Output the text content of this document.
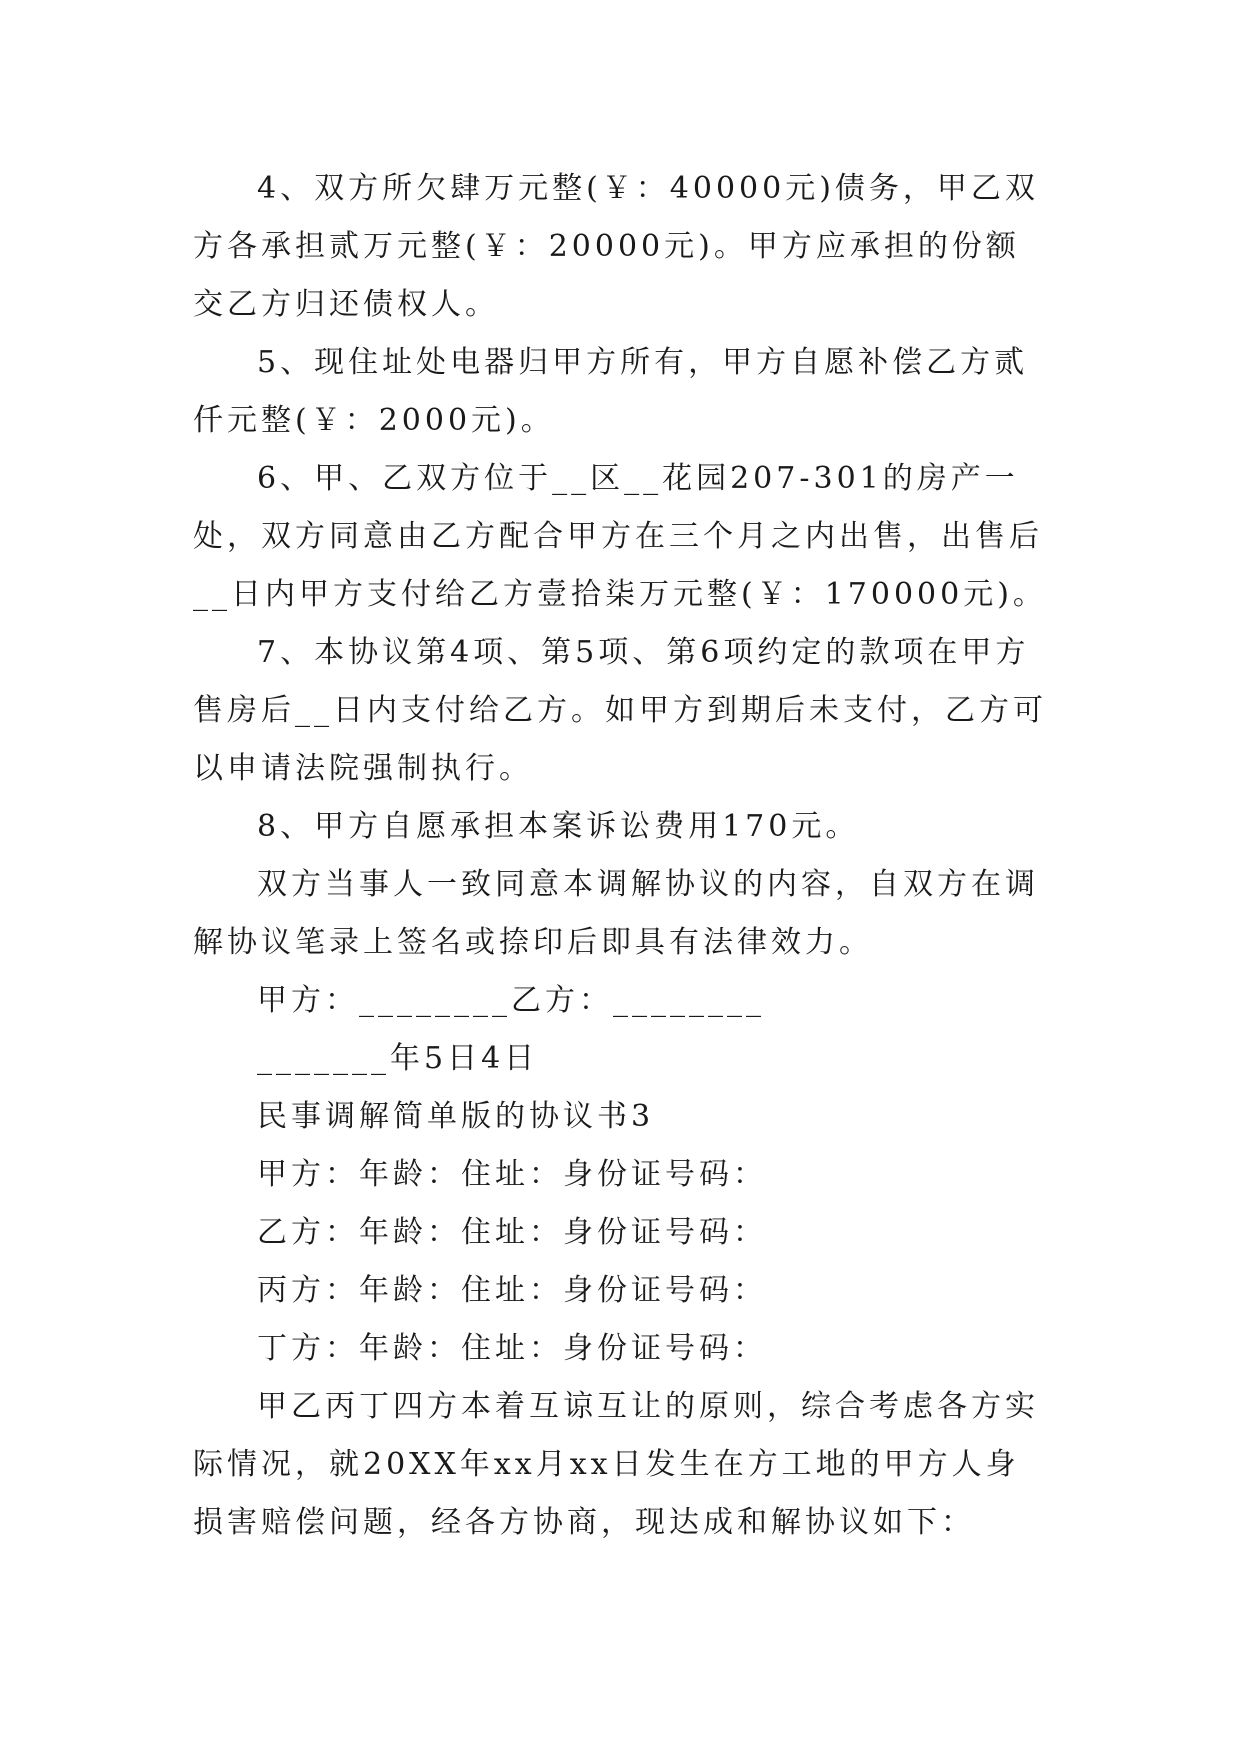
4、双方所欠肆万元整(￥：40000元)债务，甲乙双方各承担贰万元整(￥：20000元)。甲方应承担的份额交乙方归还债权人。

5、现住址处电器归甲方所有，甲方自愿补偿乙方贰仟元整(￥：2000元)。

6、甲、乙双方位于__区__花园207-301的房产一处，双方同意由乙方配合甲方在三个月之内出售，出售后__日内甲方支付给乙方壹拾柒万元整(￥：170000元)。

7、本协议第4项、第5项、第6项约定的款项在甲方售房后__日内支付给乙方。如甲方到期后未支付，乙方可以申请法院强制执行。

8、甲方自愿承担本案诉讼费用170元。

双方当事人一致同意本调解协议的内容，自双方在调解协议笔录上签名或捺印后即具有法律效力。

甲方：________乙方：________

_______年5日4日

民事调解简单版的协议书3

甲方：年龄：住址：身份证号码：

乙方：年龄：住址：身份证号码：

丙方：年龄：住址：身份证号码：

丁方：年龄：住址：身份证号码：

甲乙丙丁四方本着互谅互让的原则，综合考虑各方实际情况，就20XX年xx月xx日发生在方工地的甲方人身损害赔偿问题，经各方协商，现达成和解协议如下：
